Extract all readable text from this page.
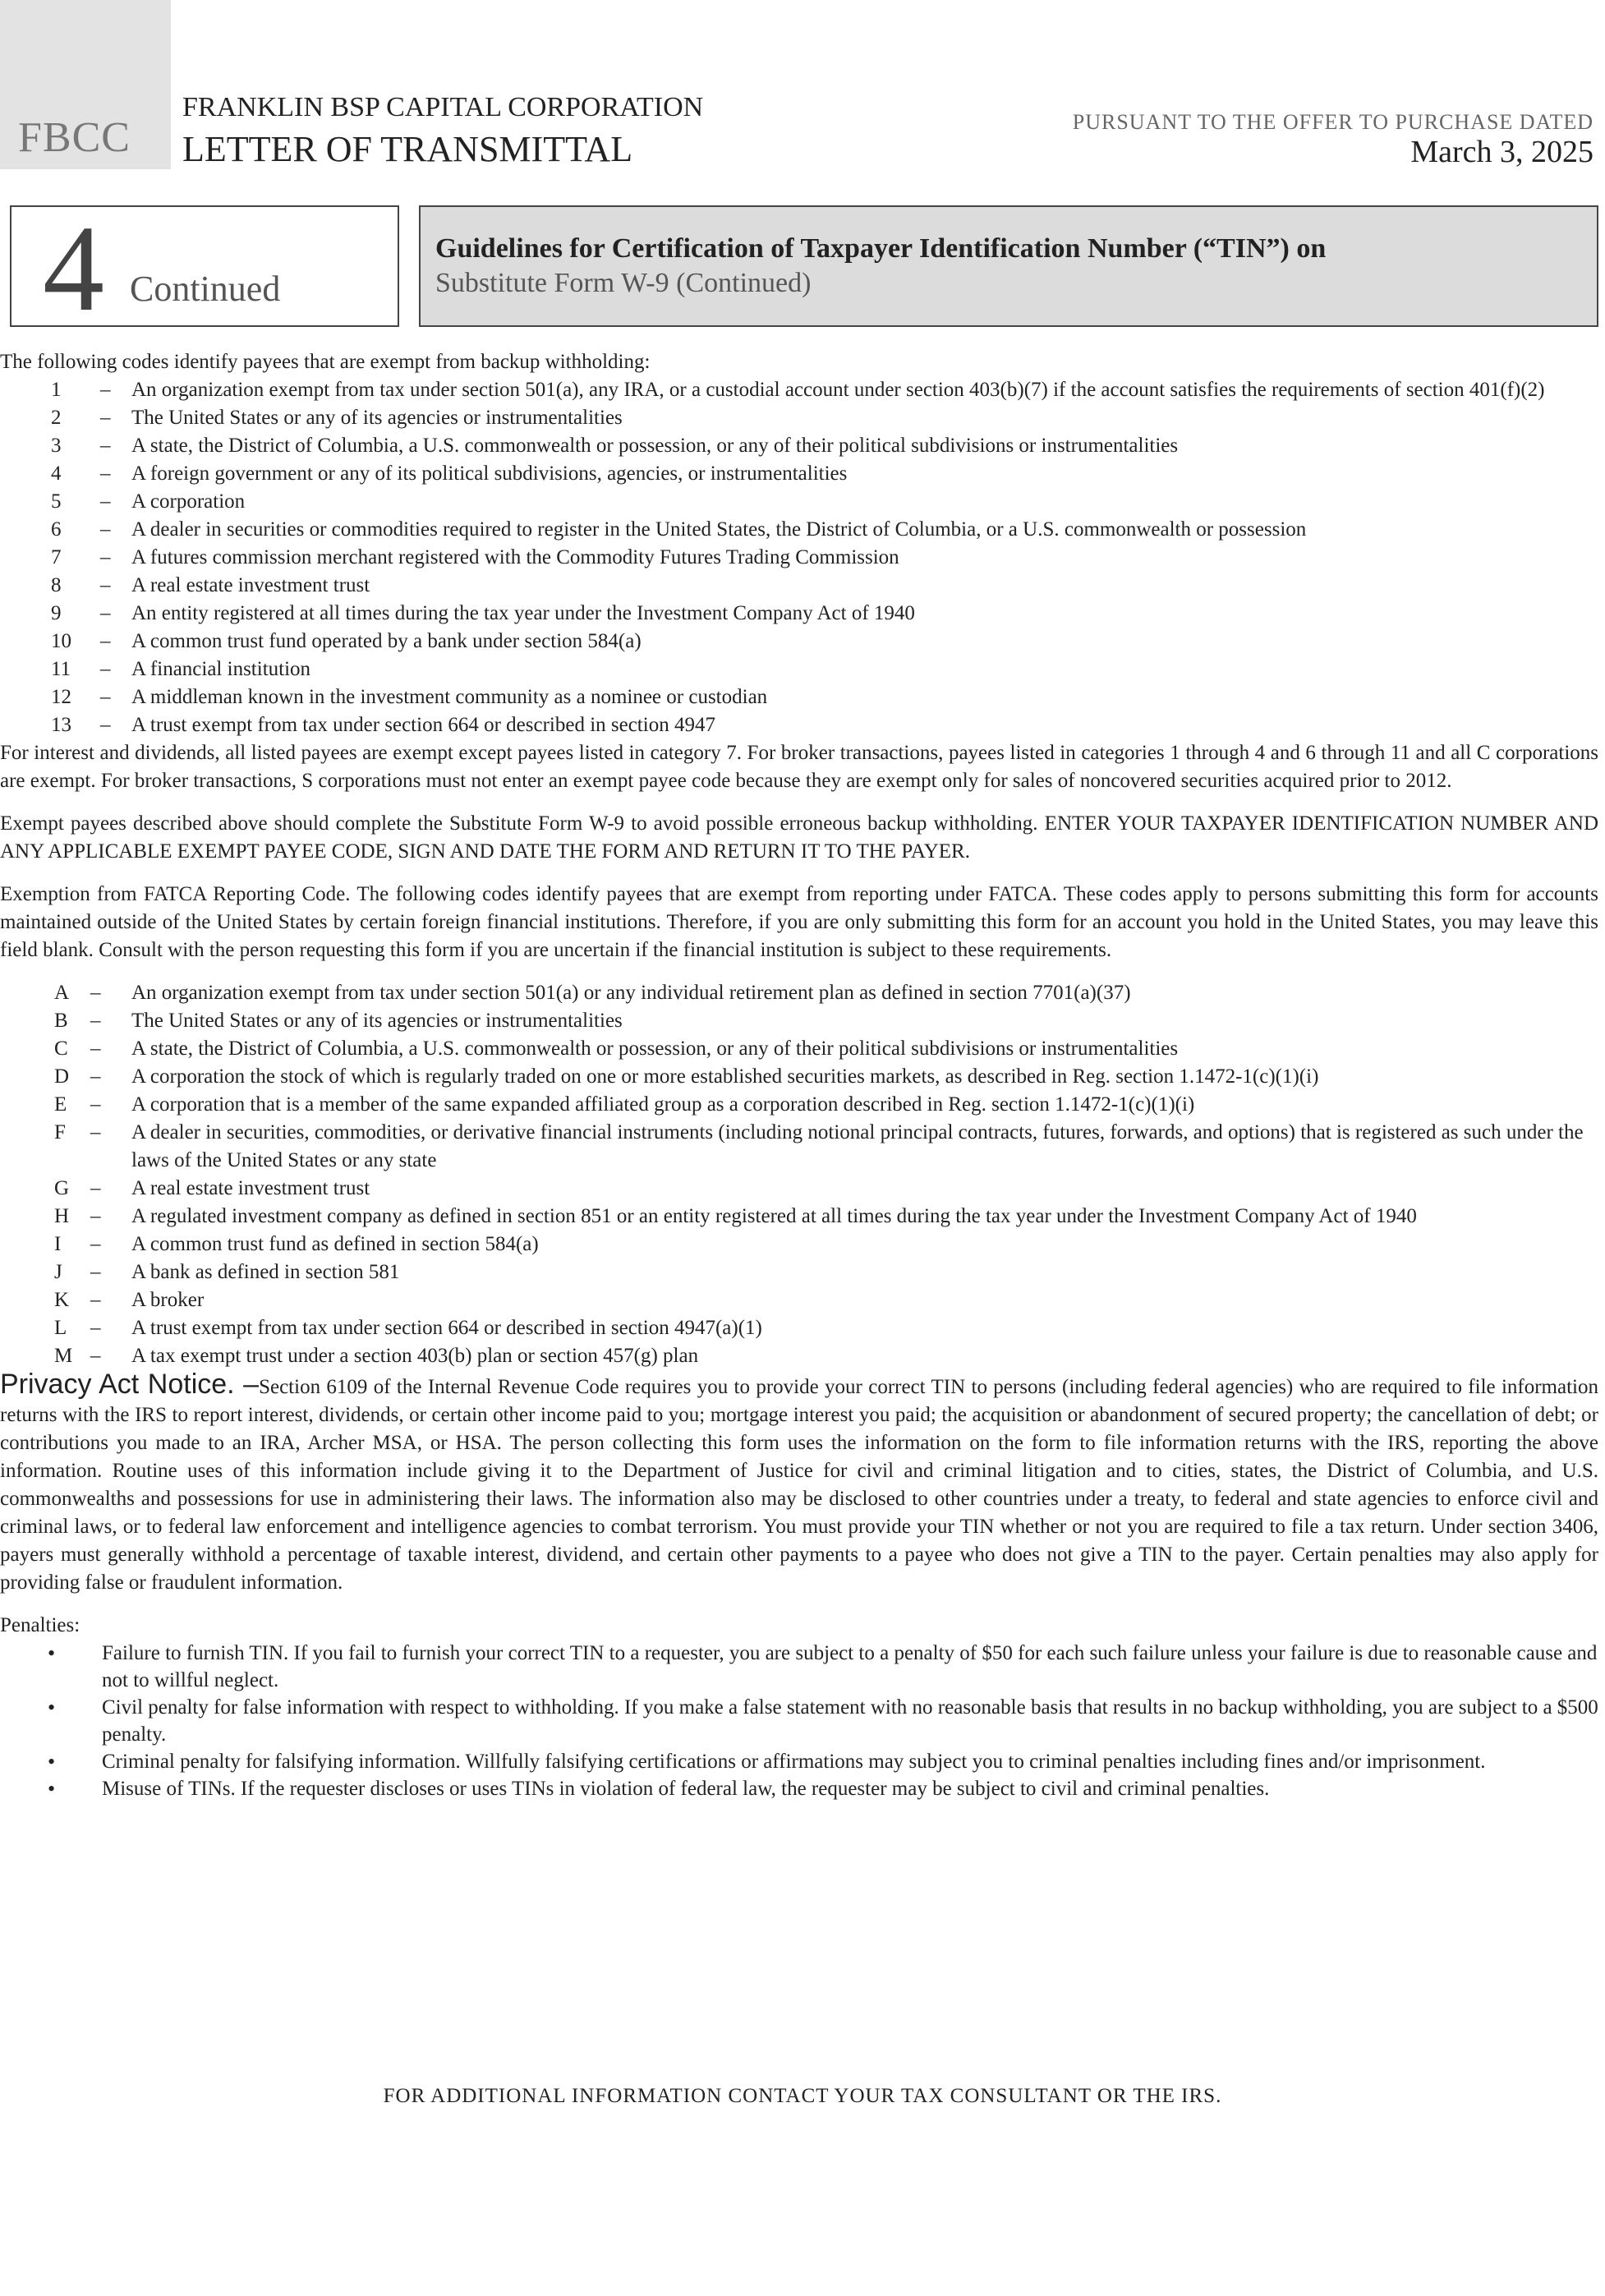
FBCC
FRANKLIN BSP CAPITAL CORPORATION
LETTER OF TRANSMITTAL
PURSUANT TO THE OFFER TO PURCHASE DATED
March 3, 2025
4 Continued
Guidelines for Certification of Taxpayer Identification Number (“TIN”) on
Substitute Form W-9 (Continued)

The following codes identify payees that are exempt from backup withholding:

1	–	An organization exempt from tax under section 501(a), any IRA, or a custodial account under section 403(b)(7) if the account satisfies the requirements of section 401(f)(2)
2	–	The United States or any of its agencies or instrumentalities
3	–	A state, the District of Columbia, a U.S. commonwealth or possession, or any of their political subdivisions or instrumentalities
4	–	A foreign government or any of its political subdivisions, agencies, or instrumentalities
5	–	A corporation
6	–	A dealer in securities or commodities required to register in the United States, the District of Columbia, or a U.S. commonwealth or possession
7	–	A futures commission merchant registered with the Commodity Futures Trading Commission
8	–	A real estate investment trust
9	–	An entity registered at all times during the tax year under the Investment Company Act of 1940
10	–	A common trust fund operated by a bank under section 584(a)
11	–	A financial institution
12	–	A middleman known in the investment community as a nominee or custodian
13	–	A trust exempt from tax under section 664 or described in section 4947

For interest and dividends, all listed payees are exempt except payees listed in category 7. For broker transactions, payees listed in categories 1 through 4 and 6 through 11 and all C corporations are exempt. For broker transactions, S corporations must not enter an exempt payee code because they are exempt only for sales of noncovered securities acquired prior to 2012.

Exempt payees described above should complete the Substitute Form W-9 to avoid possible erroneous backup withholding. ENTER YOUR TAXPAYER IDENTIFICATION NUMBER AND ANY APPLICABLE EXEMPT PAYEE CODE, SIGN AND DATE THE FORM AND RETURN IT TO THE PAYER.

Exemption from FATCA Reporting Code. The following codes identify payees that are exempt from reporting under FATCA. These codes apply to persons submitting this form for accounts maintained outside of the United States by certain foreign financial institutions. Therefore, if you are only submitting this form for an account you hold in the United States, you may leave this field blank. Consult with the person requesting this form if you are uncertain if the financial institution is subject to these requirements.

A	–	An organization exempt from tax under section 501(a) or any individual retirement plan as defined in section 7701(a)(37)
B	–	The United States or any of its agencies or instrumentalities
C	–	A state, the District of Columbia, a U.S. commonwealth or possession, or any of their political subdivisions or instrumentalities
D	–	A corporation the stock of which is regularly traded on one or more established securities markets, as described in Reg. section 1.1472-1(c)(1)(i)
E	–	A corporation that is a member of the same expanded affiliated group as a corporation described in Reg. section 1.1472-1(c)(1)(i)
F	–	A dealer in securities, commodities, or derivative financial instruments (including notional principal contracts, futures, forwards, and options) that is registered as such under the laws of the United States or any state
G	–	A real estate investment trust
H	–	A regulated investment company as defined in section 851 or an entity registered at all times during the tax year under the Investment Company Act of 1940
I	–	A common trust fund as defined in section 584(a)
J	–	A bank as defined in section 581
K	–	A broker
L	–	A trust exempt from tax under section 664 or described in section 4947(a)(1)
M –	A tax exempt trust under a section 403(b) plan or section 457(g) plan

Privacy Act Notice. –Section 6109 of the Internal Revenue Code requires you to provide your correct TIN to persons (including federal agencies) who are required to file information returns with the IRS to report interest, dividends, or certain other income paid to you; mortgage interest you paid; the acquisition or abandonment of secured property; the cancellation of debt; or contributions you made to an IRA, Archer MSA, or HSA. The person collecting this form uses the information on the form to file information returns with the IRS, reporting the above information. Routine uses of this information include giving it to the Department of Justice for civil and criminal litigation and to cities, states, the District of Columbia, and U.S. commonwealths and possessions for use in administering their laws. The information also may be disclosed to other countries under a treaty, to federal and state agencies to enforce civil and criminal laws, or to federal law enforcement and intelligence agencies to combat terrorism. You must provide your TIN whether or not you are required to file a tax return. Under section 3406, payers must generally withhold a percentage of taxable interest, dividend, and certain other payments to a payee who does not give a TIN to the payer. Certain penalties may also apply for providing false or fraudulent information.

Penalties:

•	Failure to furnish TIN. If you fail to furnish your correct TIN to a requester, you are subject to a penalty of $50 for each such failure unless your failure is due to reasonable cause and not to willful neglect.
•	Civil penalty for false information with respect to withholding. If you make a false statement with no reasonable basis that results in no backup withholding, you are subject to a $500 penalty.
•	Criminal penalty for falsifying information. Willfully falsifying certifications or affirmations may subject you to criminal penalties including fines and/or imprisonment.
•	Misuse of TINs. If the requester discloses or uses TINs in violation of federal law, the requester may be subject to civil and criminal penalties.
FOR ADDITIONAL INFORMATION CONTACT YOUR TAX CONSULTANT OR THE IRS.
